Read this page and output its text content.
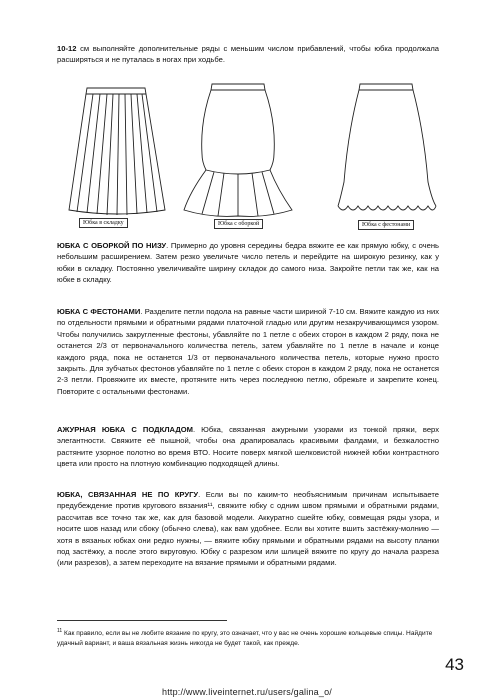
10-12 см выполняйте дополнительные ряды с меньшим числом прибавлений, чтобы юбка продолжала расширяться и не путалась в ногах при ходьбе.

Юбка в складку	Юбка с оборкой	Юбка с фестонами

ЮБКА С ОБОРКОЙ ПО НИЗУ. Примерно до уровня середины бедра вяжите ее как прямую юбку, с очень небольшим расширением. Затем резко увеличьте число петель и перейдите на широкую резинку, как у юбки в складку. Постоянно увеличивайте ширину складок до самого низа. Закройте петли так же, как на юбке в складку.

ЮБКА С ФЕСТОНАМИ. Разделите петли подола на равные части шириной 7-10 см. Вяжите каждую из них по отдельности прямыми и обратными рядами платочной гладью или другим незакручивающимся узором. Чтобы получились закругленные фестоны, убавляйте по 1 петле с обеих сторон в каждом 2 ряду, пока не останется 2/3 от первоначального количества петель, затем убавляйте по 1 петле в начале и конце каждого ряда, пока не останется 1/3 от первоначального количества петель, которые нужно просто закрыть. Для зубчатых фестонов убавляйте по 1 петле с обеих сторон в каждом 2 ряду, пока не останется 2-3 петли. Провяжите их вместе, протяните нить через последнюю петлю, обрежьте и закрепите конец. Повторите с остальными фестонами.

АЖУРНАЯ ЮБКА С ПОДКЛАДОМ. Юбка, связанная ажурными узорами из тонкой пряжи, верх элегантности. Свяжите её пышной, чтобы она драпировалась красивыми фалдами, и безжалостно растяните узорное полотно во время ВТО. Носите поверх мягкой шелковистой нижней юбки контрастного цвета или просто на плотную комбинацию подходящей длины.

ЮБКА, СВЯЗАННАЯ НЕ ПО КРУГУ. Если вы по каким-то необъяснимым причинам испытываете предубеждение против кругового вязания¹¹, свяжите юбку с одним швом прямыми и обратными рядами, рассчитав все точно так же, как для базовой модели. Аккуратно сшейте юбку, совмещая ряды узора, и носите шов назад или сбоку (обычно слева), как вам удобнее. Если вы хотите вшить застёжку-молнию — хотя в вязаных юбках они редко нужны, — вяжите юбку прямыми и обратными рядами на высоту планки под застёжку, а после этого вкруговую. Юбку с разрезом или шлицей вяжите по кругу до начала разреза (или разрезов), а затем переходите на вязание прямыми и обратными рядами.

$^{11}$ Как правило, если вы не любите вязание по кругу, это означает, что у вас не очень хорошие кольцевые спицы. Найдите удачный вариант, и ваша вязальная жизнь никогда не будет такой, как прежде.

43
http://www.liveinternet.ru/users/galina_o/
